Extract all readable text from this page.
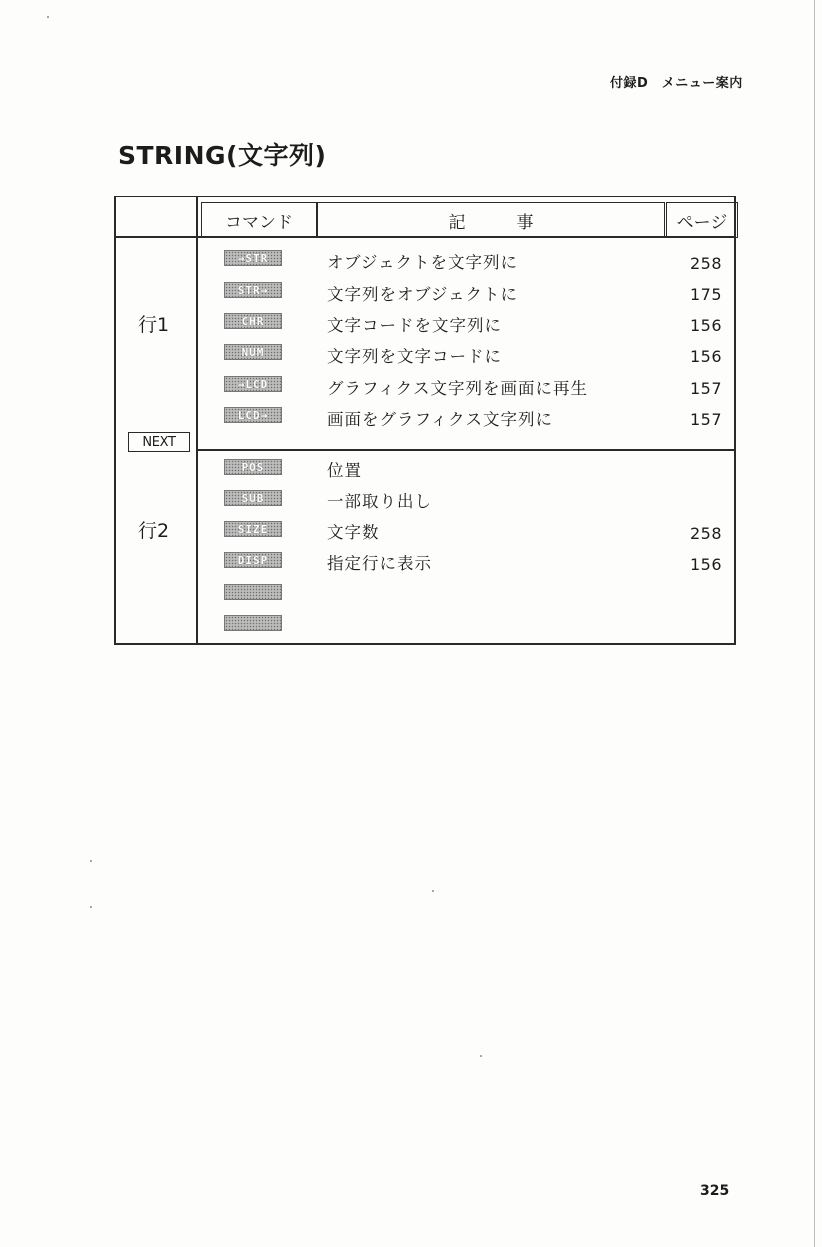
付録D　メニュー案内
STRING(文字列)
コマンド	記　　　事	ページ
行1
行2
NEXT
→STR	オブジェクトを文字列に	258
STR→	文字列をオブジェクトに	175
CHR	文字コードを文字列に	156
NUM	文字列を文字コードに	156
→LCD	グラフィクス文字列を画面に再生	157
LCD→	画面をグラフィクス文字列に	157
POS	位置
SUB	一部取り出し
SIZE	文字数	258
DISP	指定行に表示	156
325
